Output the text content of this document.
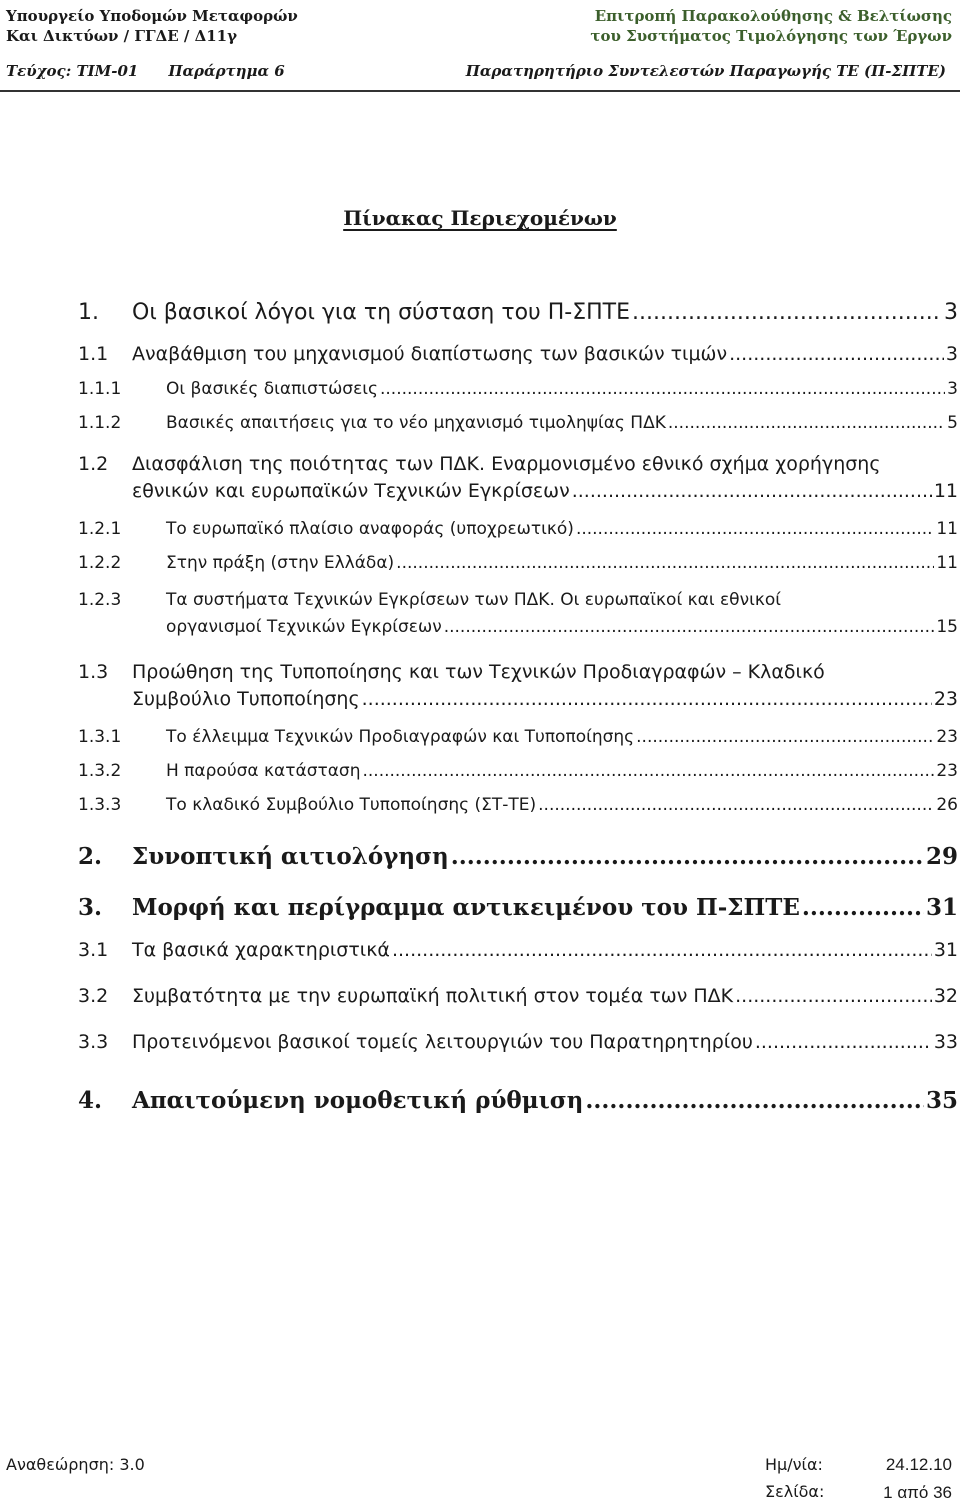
Υπουργείο Υποδομών Μεταφορών
Και Δικτύων / ΓΓΔΕ / Δ11γ
Επιτροπή Παρακολούθησης & Βελτίωσης
του Συστήματος Τιμολόγησης των Έργων
Τεύχος: ΤΙΜ-01 Παράρτημα 6	Παρατηρητήριο Συντελεστών Παραγωγής ΤΕ (Π-ΣΠΤΕ)
Πίνακας Περιεχομένων
1.	Οι βασικοί λόγοι για τη σύσταση του Π-ΣΠΤΕ .....	3
1.1	Αναβάθμιση του μηχανισμού διαπίστωσης των βασικών τιμών .....	3
1.1.1	Οι βασικές διαπιστώσεις .....	3
1.1.2	Βασικές απαιτήσεις για το νέο μηχανισμό τιμοληψίας ΠΔΚ .....	5
1.2	Διασφάλιση της ποιότητας των ΠΔΚ. Εναρμονισμένο εθνικό σχήμα χορήγησης
εθνικών και ευρωπαϊκών Τεχνικών Εγκρίσεων .....	11
1.2.1	Το ευρωπαϊκό πλαίσιο αναφοράς (υποχρεωτικό) .....	11
1.2.2	Στην πράξη (στην Ελλάδα) .....	11
1.2.3	Τα συστήματα Τεχνικών Εγκρίσεων των ΠΔΚ. Οι ευρωπαϊκοί και εθνικοί
οργανισμοί Τεχνικών Εγκρίσεων .....	15
1.3	Προώθηση της Τυποποίησης και των Τεχνικών Προδιαγραφών – Κλαδικό
Συμβούλιο Τυποποίησης .....	23
1.3.1	Το έλλειμμα Τεχνικών Προδιαγραφών και Τυποποίησης .....	23
1.3.2	Η παρούσα κατάσταση .....	23
1.3.3	Το κλαδικό Συμβούλιο Τυποποίησης (ΣΤ-ΤΕ) .....	26
2.	Συνοπτική αιτιολόγηση .....	29
3.	Μορφή και περίγραμμα αντικειμένου του Π-ΣΠΤΕ .....	31
3.1	Τα βασικά χαρακτηριστικά .....	31
3.2	Συμβατότητα με την ευρωπαϊκή πολιτική στον τομέα των ΠΔΚ .....	32
3.3	Προτεινόμενοι βασικοί τομείς λειτουργιών του Παρατηρητηρίου .....	33
4.	Απαιτούμενη νομοθετική ρύθμιση .....	35
Αναθεώρηση: 3.0	Ημ/νία:
Σελίδα:
24.12.10
1 από 36
